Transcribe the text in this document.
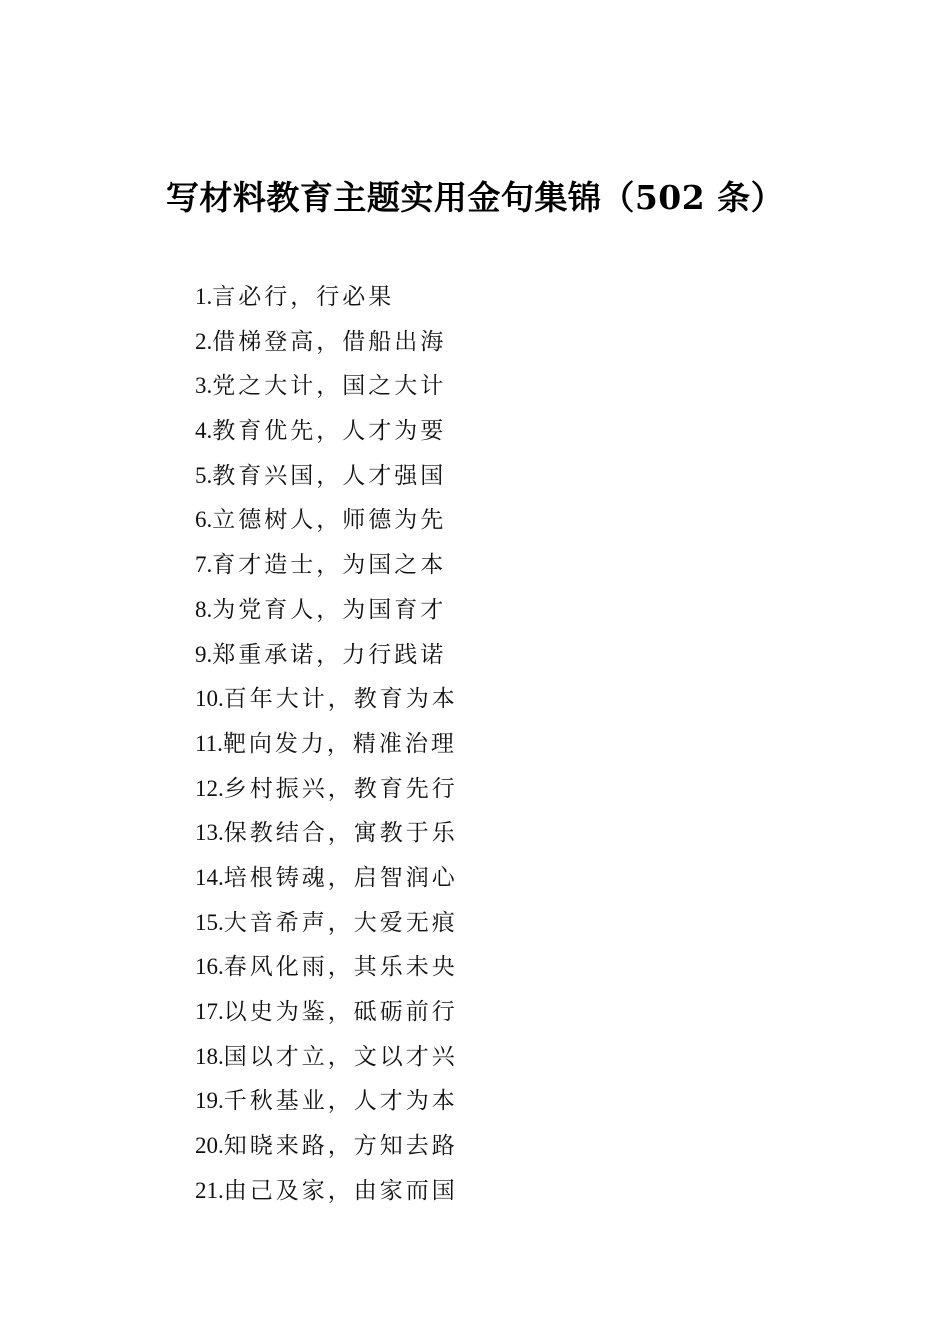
写材料教育主题实用金句集锦（502 条）
1.言必行，行必果
2.借梯登高，借船出海
3.党之大计，国之大计
4.教育优先，人才为要
5.教育兴国，人才强国
6.立德树人，师德为先
7.育才造士，为国之本
8.为党育人，为国育才
9.郑重承诺，力行践诺
10.百年大计，教育为本
11.靶向发力，精准治理
12.乡村振兴，教育先行
13.保教结合，寓教于乐
14.培根铸魂，启智润心
15.大音希声，大爱无痕
16.春风化雨，其乐未央
17.以史为鉴，砥砺前行
18.国以才立，文以才兴
19.千秋基业，人才为本
20.知晓来路，方知去路
21.由己及家，由家而国
